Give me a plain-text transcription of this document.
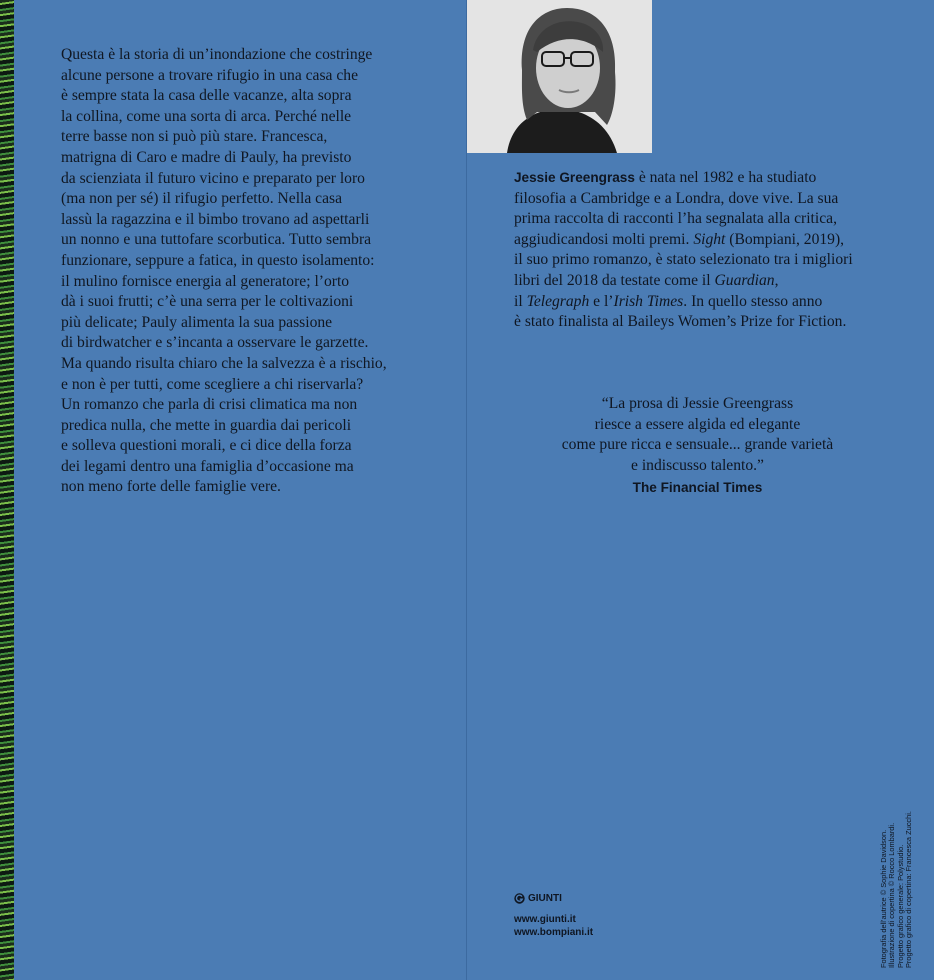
Questa è la storia di un’inondazione che costringe

alcune persone a trovare rifugio in una casa che

è sempre stata la casa delle vacanze, alta sopra

la collina, come una sorta di arca. Perché nelle

terre basse non si può più stare. Francesca,

matrigna di Caro e madre di Pauly, ha previsto

da scienziata il futuro vicino e preparato per loro

(ma non per sé) il rifugio perfetto. Nella casa

lassù la ragazzina e il bimbo trovano ad aspettarli

un nonno e una tuttofare scorbutica. Tutto sembra

funzionare, seppure a fatica, in questo isolamento:

il mulino fornisce energia al generatore; l’orto

dà i suoi frutti; c’è una serra per le coltivazioni

più delicate; Pauly alimenta la sua passione

di birdwatcher e s’incanta a osservare le garzette.

Ma quando risulta chiaro che la salvezza è a rischio,

e non è per tutti, come scegliere a chi riservarla?

Un romanzo che parla di crisi climatica ma non

predica nulla, che mette in guardia dai pericoli

e solleva questioni morali, e ci dice della forza

dei legami dentro una famiglia d’occasione ma

non meno forte delle famiglie vere.

Jessie Greengrass è nata nel 1982 e ha studiato
filosofia a Cambridge e a Londra, dove vive. La sua
prima raccolta di racconti l’ha segnalata alla critica,
aggiudicandosi molti premi. Sight (Bompiani, 2019),
il suo primo romanzo, è stato selezionato tra i migliori
libri del 2018 da testate come il Guardian,
il Telegraph e l’Irish Times. In quello stesso anno
è stato finalista al Baileys Women’s Prize for Fiction.
“La prosa di Jessie Greengrass
riesce a essere algida ed elegante
come pure ricca e sensuale... grande varietà
e indiscusso talento.”
The Financial Times
GIUNTI
www.giunti.it
www.bompiani.it	Fotografia dell’autrice © Sophie Davidson. Illustrazione di copertina © Rocco Lombardi. Progetto grafico generale: Polystudio. Progetto grafico di copertina: Francesca Zucchi.
